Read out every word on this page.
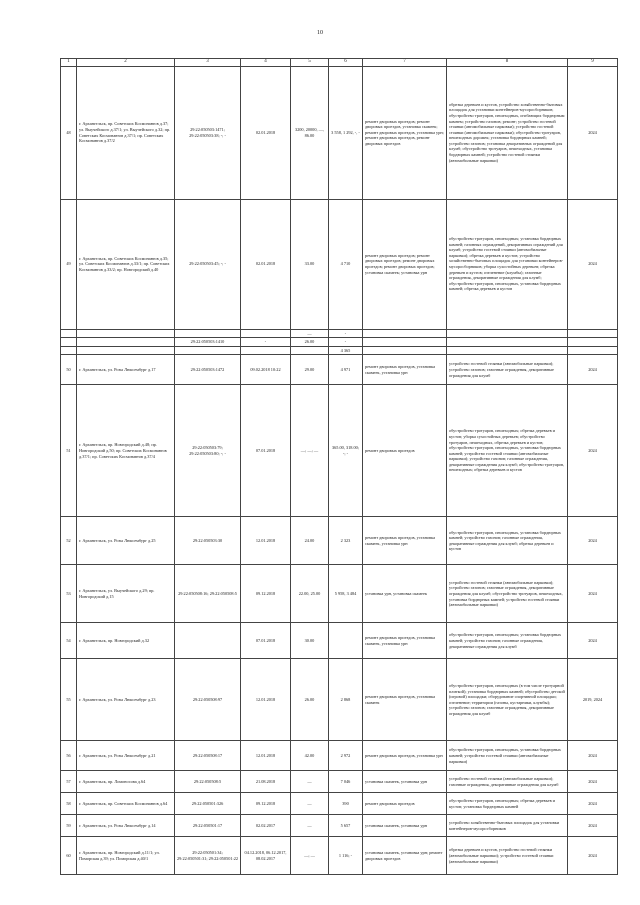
10
1	2	3	4	5	6	7	8	9
48	г. Архангельск, пр. Советских Космонавтов д.37; ул. Выучейского д.37/1; ул. Выучейского д.32; пр. Советских Космонавтов д.37/1; пр. Советских Космонавтов д.37/2	29:22:050503:1471; 29:22:050503:38; -; -	02.01.2018	3200, 20000, —, 86.00	3 558, 1 292, -, -	ремонт дворовых проездов; ремонт дворовых проездов, установка скамеек; ремонт дворовых проездов, установка урн; ремонт дворовых проездов, ремонт дворовых проездов	обрезка деревьев и кустов, устройство хозяйственно-бытовых площадок для установки контейнеров-мусоросборников; обустройство тротуаров, пешеходных, огибающих бордюрным камнем; устройство газонов; ремонт; устройство гостевой стоянки (автомобильные парковки); устройство гостевой стоянки (автомобильные парковки); обустройство тротуаров, пешеходных дорожек; установка бордюрных камней; устройство газонов; установка декоративных ограждений для клумб; обустройство тротуаров, пешеходных, установка бордюрных камней; устройство гостевой стоянки (автомобильные парковки)	2024
49	г. Архангельск, пр. Советских Космонавтов д.35; ул. Советских Космонавтов д.33/1; пр. Советских Космонавтов д.33/2; пр. Новгородский д.40	29:22:050503:45; -; -	02.01.2018	33.00	4 710	ремонт дворовых проездов; ремонт дворовых проездов; ремонт дворовых проездов; ремонт дворовых проездов; установка скамеек; установка урн	обустройство тротуаров, пешеходных; установка бордюрных камней; газонных ограждений, декоративных ограждений для клумб; устройство гостевой стоянки (автомобильные парковки); обрезка деревьев и кустов; устройство хозяйственно-бытовых площадок для установки контейнеров-мусоросборников; уборка сухостойных деревьев; обрезка деревьев и кустов; озеленение (клумбы); газонные ограждения, декоративные ограждения для клумб; обустройство тротуаров, пешеходных, установка бордюрных камней; обрезка деревьев и кустов	2024
				—	-			
		29:22:050503:1410	-	26.00	-			
					4 365			
50	г. Архангельск, ул. Розы Люксембург д.17	29:22:050503:1472	09.02.2018 10:22	29.00	4 971	ремонт дворовых проездов, установка скамеек, установка урн	устройство гостевой стоянки (автомобильные парковки); устройство газонов; газонные ограждения, декоративные ограждения для клумб	2024
51	г. Архангельск, пр. Новгородский д.48; пр. Новгородский д.50; пр. Советских Космонавтов д.37/1; пр. Советских Космонавтов д.37/4	29:22:050503:79; 29:22:050503:80; -; -	07.01.2018	—; —; —	365.00, 318.00; -; -	ремонт дворовых проездов	обустройство тротуаров, пешеходных; обрезка деревьев и кустов; уборка сухостойных деревьев; обустройство тротуаров, пешеходных, обрезка деревьев и кустов; обустройство тротуаров, пешеходных, установка бордюрных камней; устройство гостевой стоянки (автомобильные парковки); устройство газонов; газонные ограждения, декоративные ограждения для клумб; обустройство тротуаров, пешеходных; обрезка деревьев и кустов	2024
52	г. Архангельск, ул. Розы Люксембург д.25	29:22:050503:30	12.01.2018	24.00	2 323	ремонт дворовых проездов, установка скамеек, установка урн	обустройство тротуаров, пешеходных, установка бордюрных камней; устройство газонов; газонные ограждения, декоративные ограждения для клумб; обрезка деревьев и кустов	2024
53	г. Архангельск, ул. Выучейского д.29; пр. Новгородский д.15	29:22:050508:16; 29:22:050508:5	09.12.2018	22.00, 25.00	5 958, 3 484	установка урн, установка скамеек	устройство гостевой стоянки (автомобильные парковки); устройство газонов; газонные ограждения, декоративные ограждения для клумб; обустройство тротуаров, пешеходных, установка бордюрных камней; устройство гостевой стоянки (автомобильные парковки)	2024
54	г. Архангельск, пр. Новгородский д.32		07.01.2018	30.00		ремонт дворовых проездов, установка скамеек, установка урн	обустройство тротуаров, пешеходных; установка бордюрных камней; устройство газонов; газонные ограждения, декоративные ограждения для клумб	2024
55	г. Архангельск, ул. Розы Люксембург д.23	29:22:050508:97	12.01.2018	26.00	2 868	ремонт дворовых проездов, установка скамеек	обустройство тротуаров, пешеходных (в том числе тротуарной плиткой); установка бордюрных камней; обустройство детской (игровой) площадки; оборудование спортивной площадки; озеленение; территории (газоны, кустарники, клумбы); устройство газонов; газонные ограждения, декоративные ограждения для клумб	2019, 2024
56	г. Архангельск, ул. Розы Люксембург д.21	29:22:050508:17	12.01.2018	42.00	2 972	ремонт дворовых проездов, установка урн	обустройство тротуаров, пешеходных, установка бордюрных камней; устройство гостевой стоянки (автомобильные парковки)	2024
57	г. Архангельск, пр. Ломоносова д.64	29:22:050508:5	21.08.2018	—	7 046	установка скамеек, установка урн	устройство гостевой стоянки (автомобильные парковки); газонные ограждения, декоративные ограждения для клумб	2024
58	г. Архангельск, пр. Советских Космонавтов д.64	29:22:050501:326	09.12.2018	—	390	ремонт дворовых проездов	обустройство тротуаров, пешеходных; обрезка деревьев и кустов; установка бордюрных камней	2024
59	г. Архангельск, ул. Розы Люксембург д.14	29:22:050501:17	02.02.2017	—	5 657	установка скамеек, установка урн	устройство хозяйственно-бытовых площадок для установки контейнеров-мусоросборников	2024
60	г. Архангельск, пр. Новгородский д.11/1; ул. Поморская д.39; ул. Поморская д.40/1	29:22:050501:34; 29:22:050501:31; 29:22:050501:22	04.12.2018, 06.12.2017, 08.02.2017	—; —	1 116; -	установка скамеек, установка урн; ремонт дворовых проездов	обрезка деревьев и кустов, устройство гостевой стоянки (автомобильные парковки); устройство гостевой стоянки (автомобильные парковки)	2024
